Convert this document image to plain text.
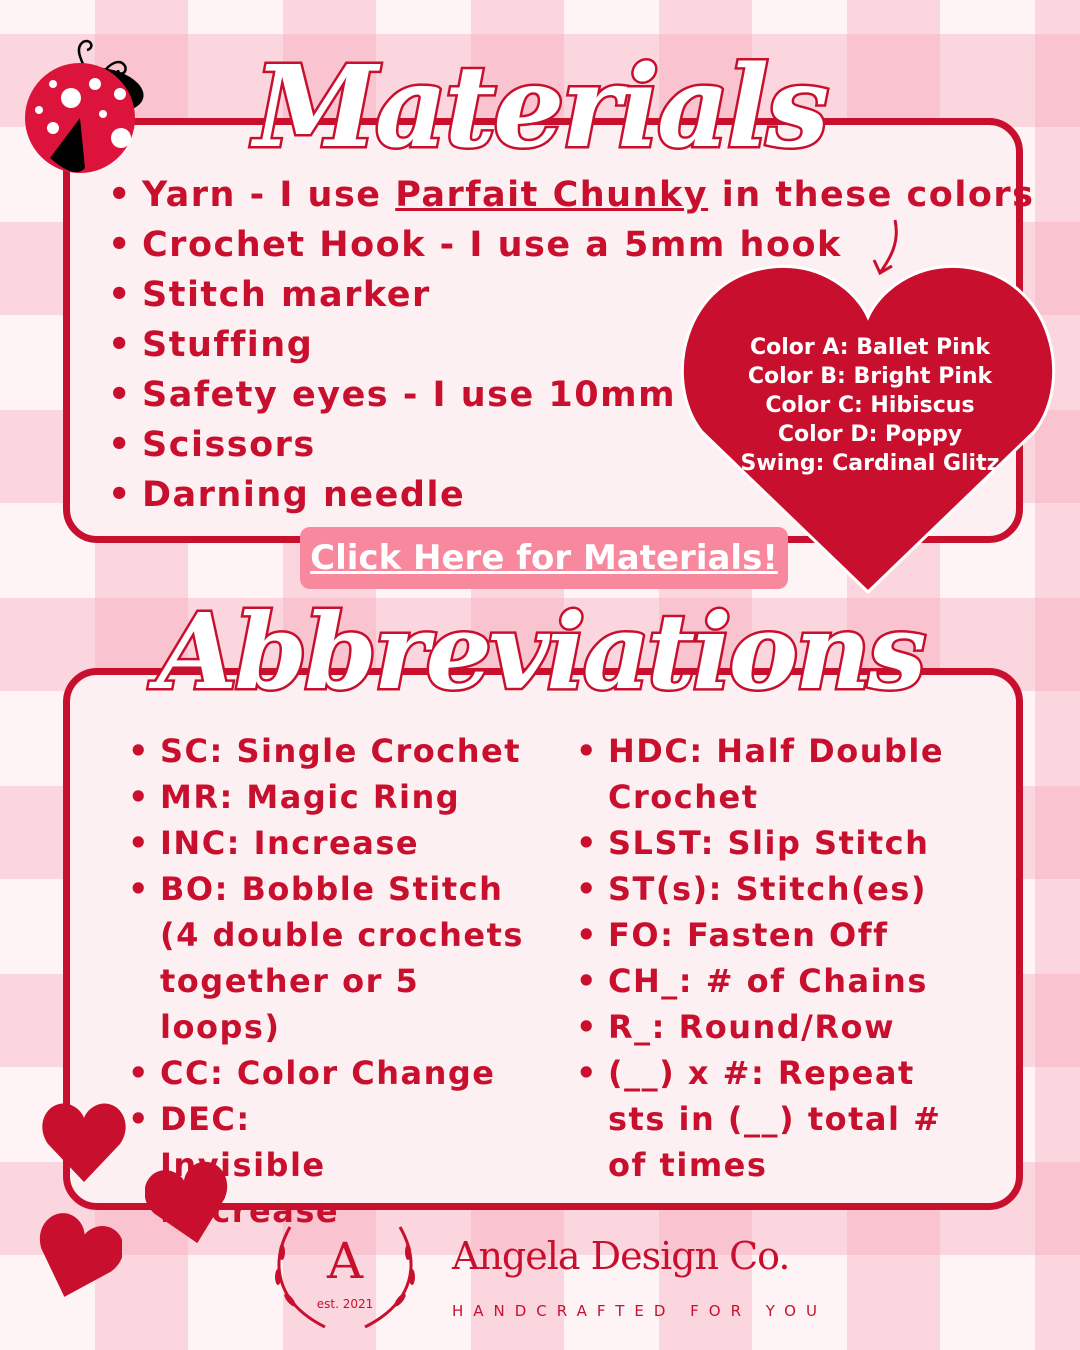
Materials
• Yarn - I use Parfait Chunky in these colors
• Crochet Hook - I use a 5mm hook
• Stitch marker
• Stuffing
• Safety eyes - I use 10mm
• Scissors
• Darning needle
Color A: Ballet Pink
Color B: Bright Pink
Color C: Hibiscus
Color D: Poppy
Swing: Cardinal Glitz
Click Here for Materials!
Abbreviations
• SC: Single Crochet
• MR: Magic Ring
• INC: Increase
• BO: Bobble Stitch (4 double crochets together or 5 loops)
• CC: Color Change
• DEC: Invisible Decrease
• HDC: Half Double Crochet
• SLST: Slip Stitch
• ST(s): Stitch(es)
• FO: Fasten Off
• CH_: # of Chains
• R_: Round/Row
• (__) x #: Repeat sts in (__) total # of times
A
est. 2021
Angela Design Co.
HANDCRAFTED FOR YOU
